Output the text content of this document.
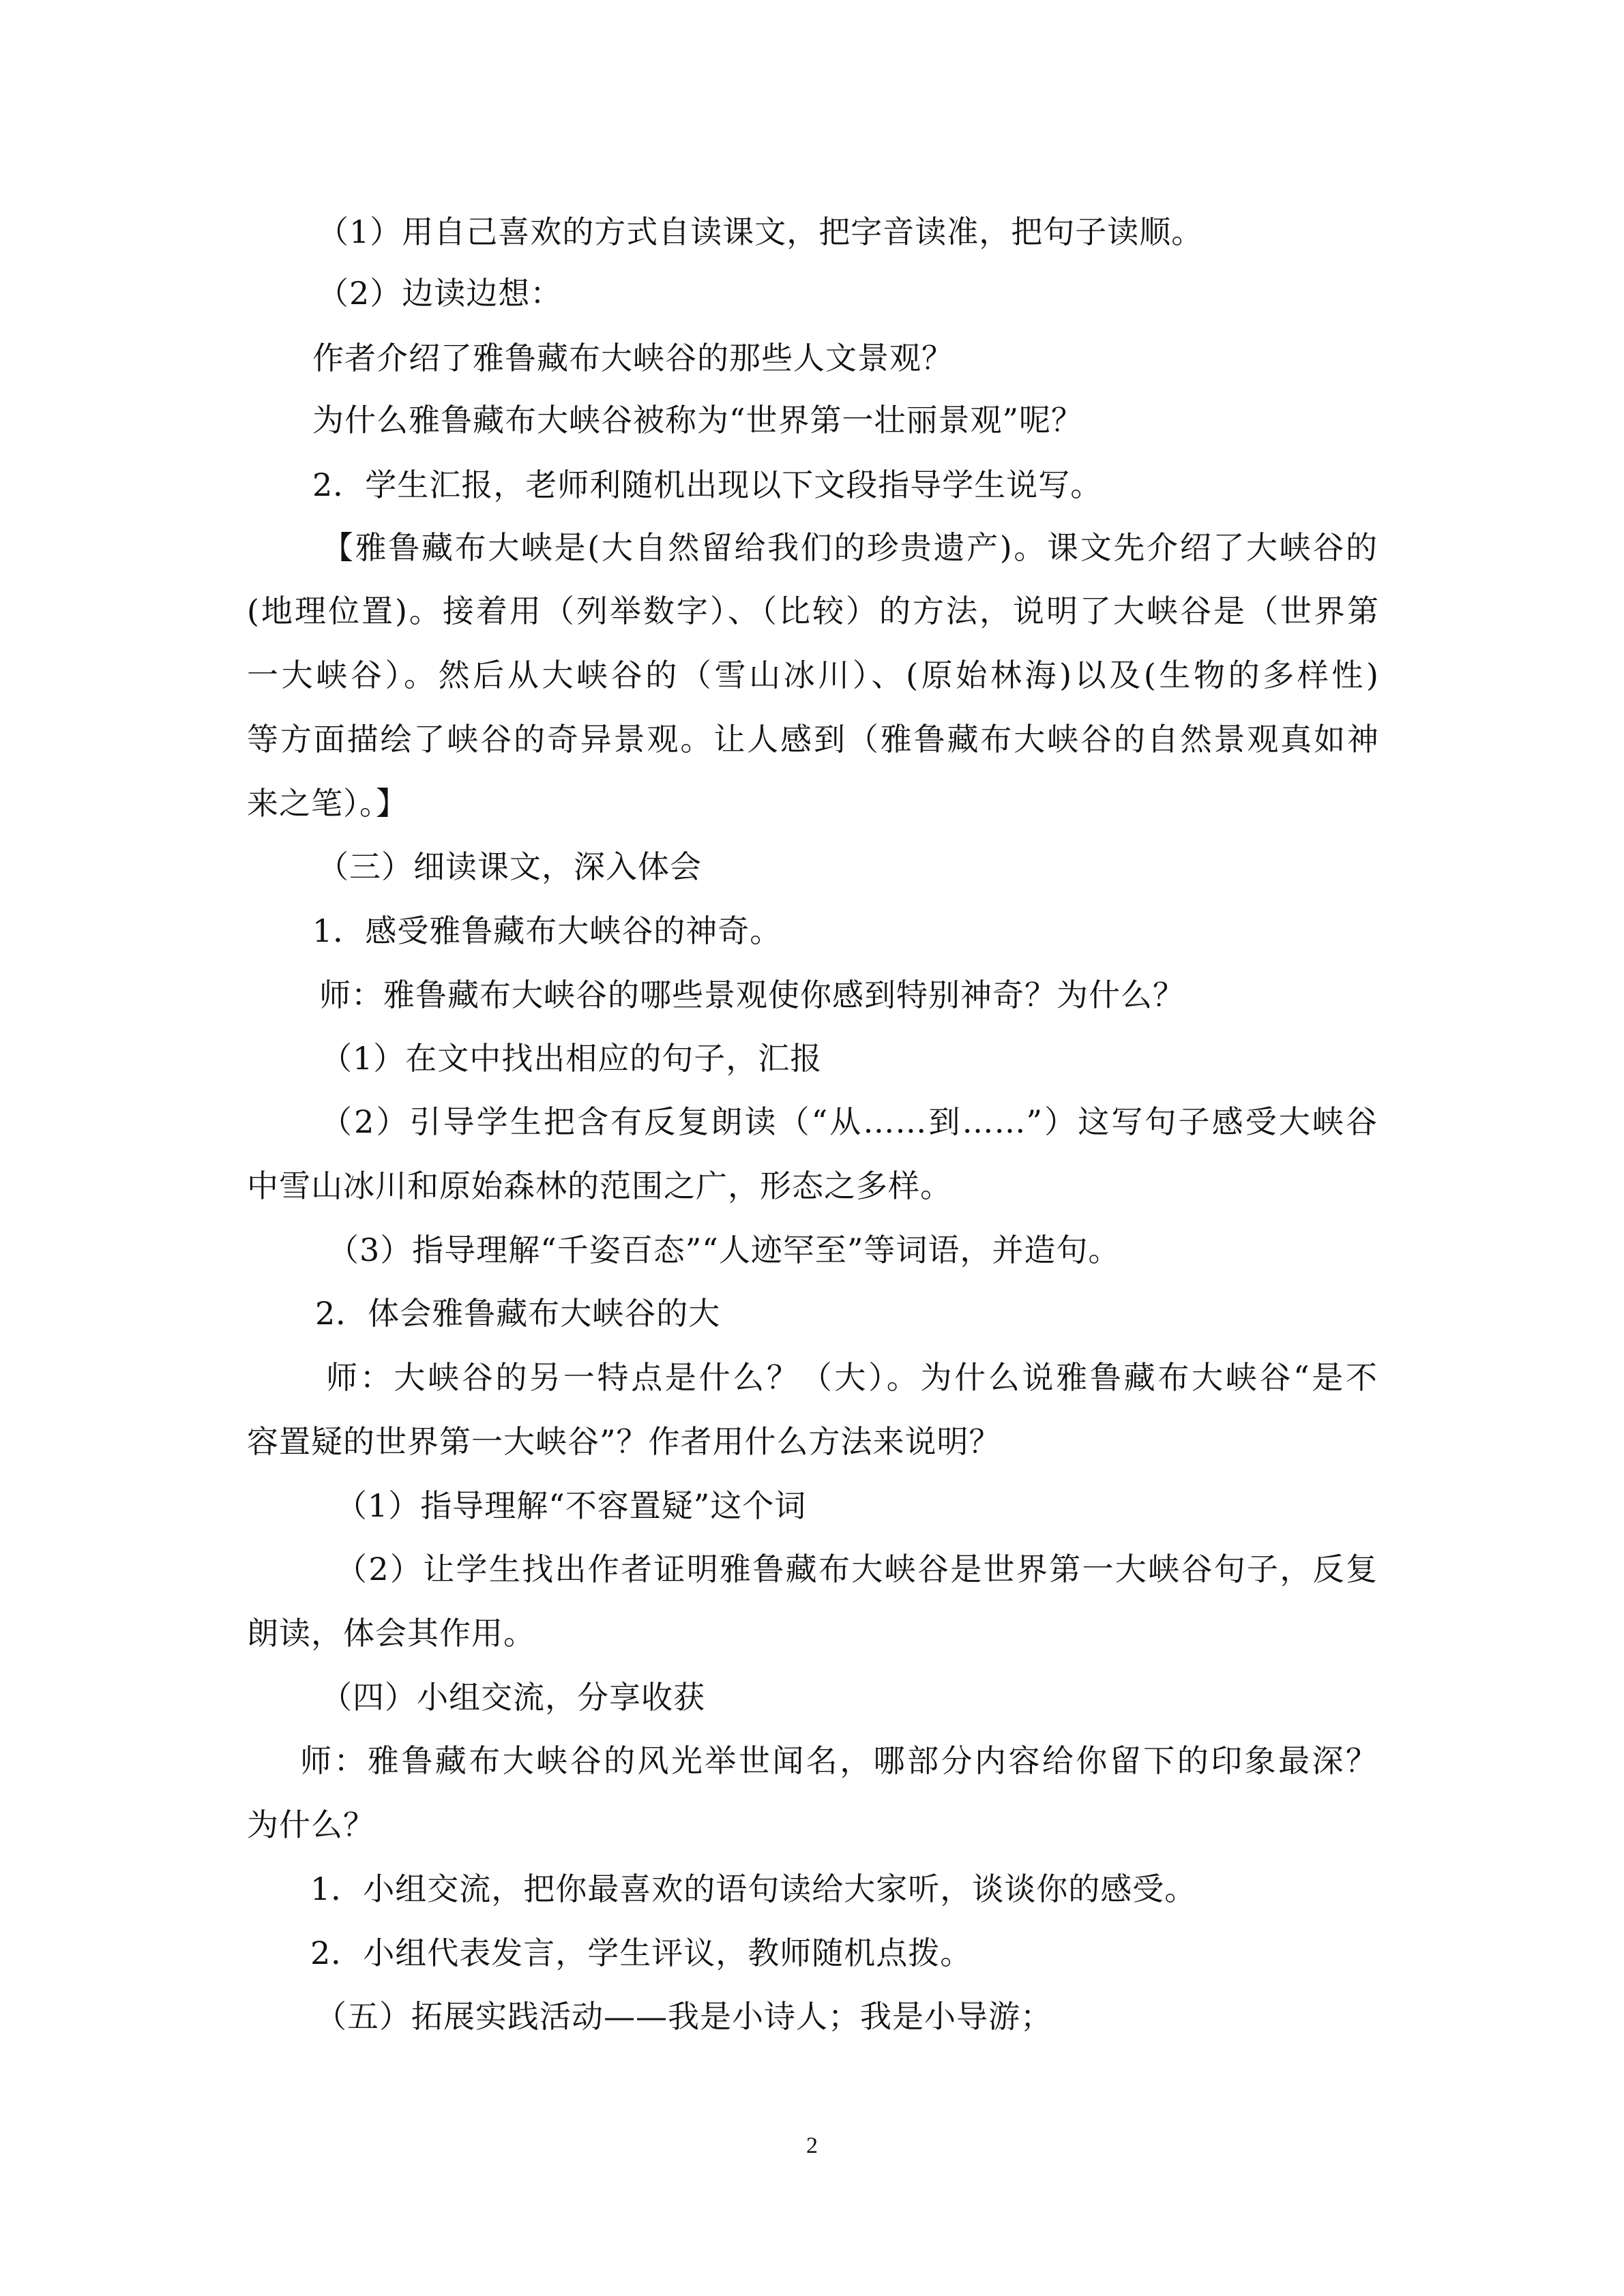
（1）用自己喜欢的方式自读课文，把字音读准，把句子读顺。
（2）边读边想：
作者介绍了雅鲁藏布大峡谷的那些人文景观？
为什么雅鲁藏布大峡谷被称为“世界第一壮丽景观”呢？
2．学生汇报，老师利随机出现以下文段指导学生说写。
【雅鲁藏布大峡是(大自然留给我们的珍贵遗产)。课文先介绍了大峡谷的
(地理位置)。接着用（列举数字）、（比较）的方法，说明了大峡谷是（世界第
一大峡谷）。然后从大峡谷的（雪山冰川）、(原始林海)以及(生物的多样性)
等方面描绘了峡谷的奇异景观。让人感到（雅鲁藏布大峡谷的自然景观真如神
来之笔）。】
（三）细读课文，深入体会
1．感受雅鲁藏布大峡谷的神奇。
师：雅鲁藏布大峡谷的哪些景观使你感到特别神奇？为什么？
（1）在文中找出相应的句子，汇报
（2）引导学生把含有反复朗读（“从……到……”）这写句子感受大峡谷
中雪山冰川和原始森林的范围之广，形态之多样。
（3）指导理解“千姿百态”“人迹罕至”等词语，并造句。
2．体会雅鲁藏布大峡谷的大
师：大峡谷的另一特点是什么？（大）。为什么说雅鲁藏布大峡谷“是不
容置疑的世界第一大峡谷”？作者用什么方法来说明？
（1）指导理解“不容置疑”这个词
（2）让学生找出作者证明雅鲁藏布大峡谷是世界第一大峡谷句子，反复
朗读，体会其作用。
（四）小组交流，分享收获
师：雅鲁藏布大峡谷的风光举世闻名，哪部分内容给你留下的印象最深？
为什么？
1．小组交流，把你最喜欢的语句读给大家听，谈谈你的感受。
2．小组代表发言，学生评议，教师随机点拨。
（五）拓展实践活动——我是小诗人；我是小导游；
2
